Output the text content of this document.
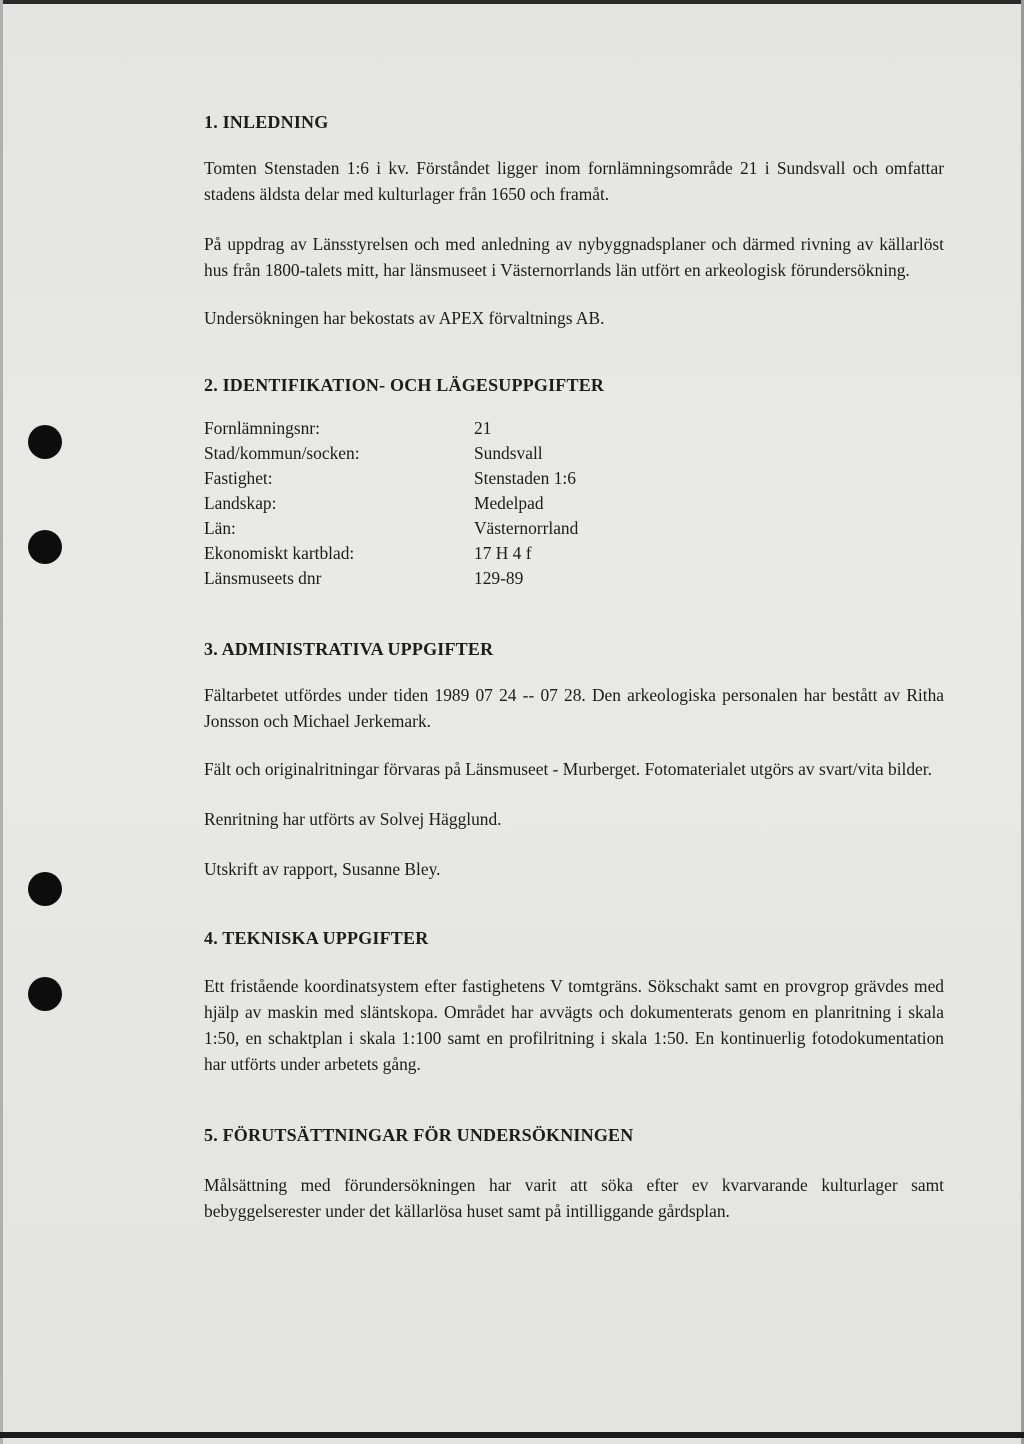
1. INLEDNING

Tomten Stenstaden 1:6 i kv. Förståndet ligger inom fornlämningsområde 21 i Sundsvall och omfattar stadens äldsta delar med kulturlager från 1650 och framåt.

På uppdrag av Länsstyrelsen och med anledning av nybyggnadsplaner och därmed rivning av källarlöst hus från 1800-talets mitt, har länsmuseet i Västernorrlands län utfört en arkeologisk förundersökning.

Undersökningen har bekostats av APEX förvaltnings AB.

2. IDENTIFIKATION- OCH LÄGESUPPGIFTER
Fornlämningsnr:	21
Stad/kommun/socken:	Sundsvall
Fastighet:	Stenstaden 1:6
Landskap:	Medelpad
Län:	Västernorrland
Ekonomiskt kartblad:	17 H 4 f
Länsmuseets dnr	129-89
3. ADMINISTRATIVA UPPGIFTER

Fältarbetet utfördes under tiden 1989 07 24 -- 07 28. Den arkeologiska personalen har bestått av Ritha Jonsson och Michael Jerkemark.

Fält och originalritningar förvaras på Länsmuseet - Murberget. Fotomaterialet utgörs av svart/vita bilder.

Renritning har utförts av Solvej Hägglund.

Utskrift av rapport, Susanne Bley.

4. TEKNISKA UPPGIFTER

Ett fristående koordinatsystem efter fastighetens V tomtgräns. Sökschakt samt en provgrop grävdes med hjälp av maskin med släntskopa. Området har avvägts och dokumenterats genom en planritning i skala 1:50, en schaktplan i skala 1:100 samt en profilritning i skala 1:50. En kontinuerlig fotodokumentation har utförts under arbetets gång.

5. FÖRUTSÄTTNINGAR FÖR UNDERSÖKNINGEN

Målsättning med förundersökningen har varit att söka efter ev kvarvarande kulturlager samt bebyggelserester under det källarlösa huset samt på intilliggande gårdsplan.
